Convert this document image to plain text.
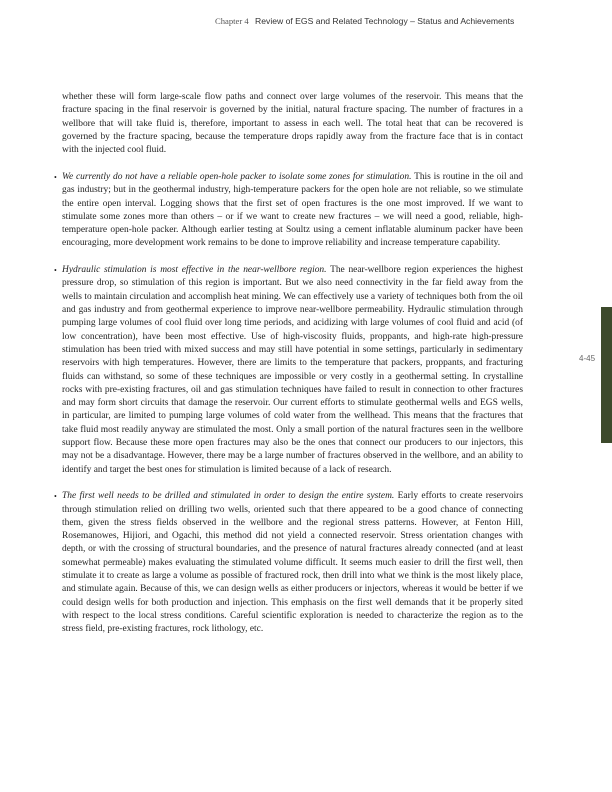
Chapter 4 Review of EGS and Related Technology – Status and Achievements
4-45

whether these will form large-scale flow paths and connect over large volumes of the reservoir. This means that the fracture spacing in the final reservoir is governed by the initial, natural fracture spacing. The number of fractures in a wellbore that will take fluid is, therefore, important to assess in each well. The total heat that can be recovered is governed by the fracture spacing, because the temperature drops rapidly away from the fracture face that is in contact with the injected cool fluid.

• We currently do not have a reliable open-hole packer to isolate some zones for stimulation. This is routine in the oil and gas industry; but in the geothermal industry, high-temperature packers for the open hole are not reliable, so we stimulate the entire open interval. Logging shows that the first set of open fractures is the one most improved. If we want to stimulate some zones more than others – or if we want to create new fractures – we will need a good, reliable, high-temperature open-hole packer. Although earlier testing at Soultz using a cement inflatable aluminum packer have been encouraging, more development work remains to be done to improve reliability and increase temperature capability.

• Hydraulic stimulation is most effective in the near-wellbore region. The near-wellbore region experiences the highest pressure drop, so stimulation of this region is important. But we also need connectivity in the far field away from the wells to maintain circulation and accomplish heat mining. We can effectively use a variety of techniques both from the oil and gas industry and from geothermal experience to improve near-wellbore permeability. Hydraulic stimulation through pumping large volumes of cool fluid over long time periods, and acidizing with large volumes of cool fluid and acid (of low concentration), have been most effective. Use of high-viscosity fluids, proppants, and high-rate high-pressure stimulation has been tried with mixed success and may still have potential in some settings, particularly in sedimentary reservoirs with high temperatures. However, there are limits to the temperature that packers, proppants, and fracturing fluids can withstand, so some of these techniques are impossible or very costly in a geothermal setting. In crystalline rocks with pre-existing fractures, oil and gas stimulation techniques have failed to result in connection to other fractures and may form short circuits that damage the reservoir. Our current efforts to stimulate geothermal wells and EGS wells, in particular, are limited to pumping large volumes of cold water from the wellhead. This means that the fractures that take fluid most readily anyway are stimulated the most. Only a small portion of the natural fractures seen in the wellbore support flow. Because these more open fractures may also be the ones that connect our producers to our injectors, this may not be a disadvantage. However, there may be a large number of fractures observed in the wellbore, and an ability to identify and target the best ones for stimulation is limited because of a lack of research.

• The first well needs to be drilled and stimulated in order to design the entire system. Early efforts to create reservoirs through stimulation relied on drilling two wells, oriented such that there appeared to be a good chance of connecting them, given the stress fields observed in the wellbore and the regional stress patterns. However, at Fenton Hill, Rosemanowes, Hijiori, and Ogachi, this method did not yield a connected reservoir. Stress orientation changes with depth, or with the crossing of structural boundaries, and the presence of natural fractures already connected (and at least somewhat permeable) makes evaluating the stimulated volume difficult. It seems much easier to drill the first well, then stimulate it to create as large a volume as possible of fractured rock, then drill into what we think is the most likely place, and stimulate again. Because of this, we can design wells as either producers or injectors, whereas it would be better if we could design wells for both production and injection. This emphasis on the first well demands that it be properly sited with respect to the local stress conditions. Careful scientific exploration is needed to characterize the region as to the stress field, pre-existing fractures, rock lithology, etc.
